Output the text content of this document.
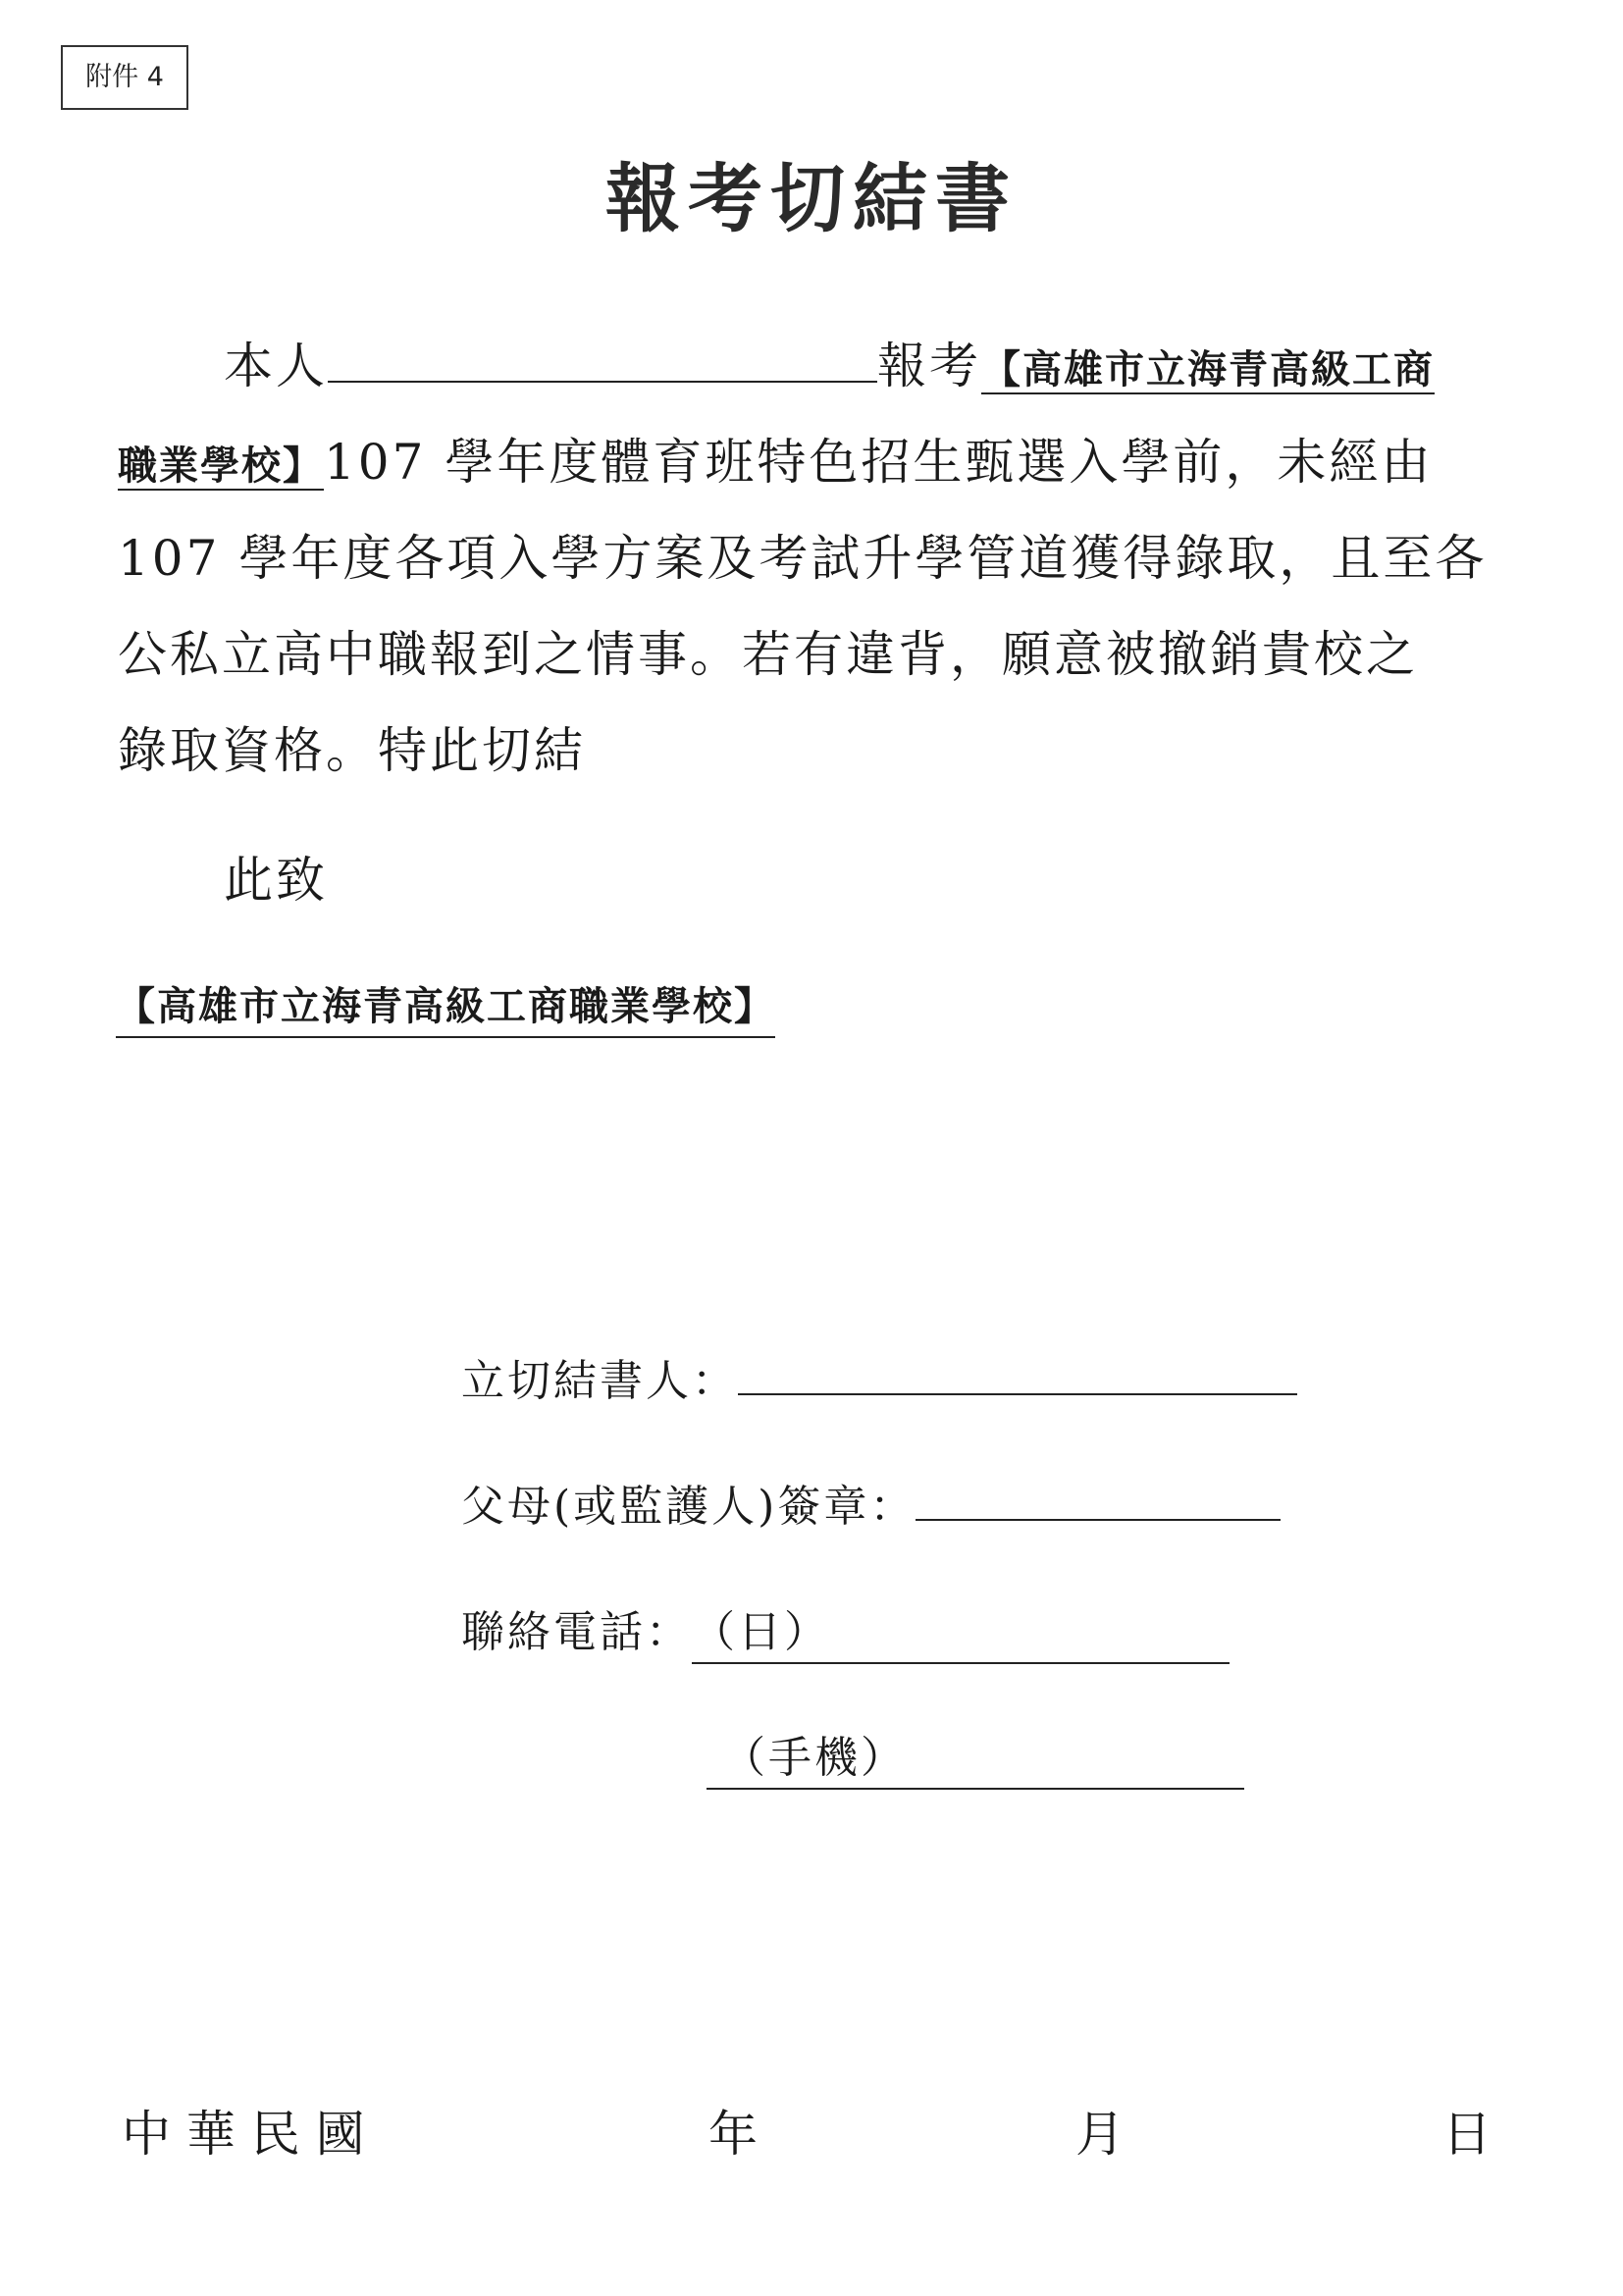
附件 4
報考切結書
本人	報考【高雄市立海青高級工商
職業學校】107 學年度體育班特色招生甄選入學前，未經由
107 學年度各項入學方案及考試升學管道獲得錄取，且至各
公私立高中職報到之情事。若有違背，願意被撤銷貴校之
錄取資格。特此切結
此致
【高雄市立海青高級工商職業學校】
立切結書人：
父母(或監護人)簽章：
聯絡電話：（日）
（手機）
中 華 民 國	年	月	日
